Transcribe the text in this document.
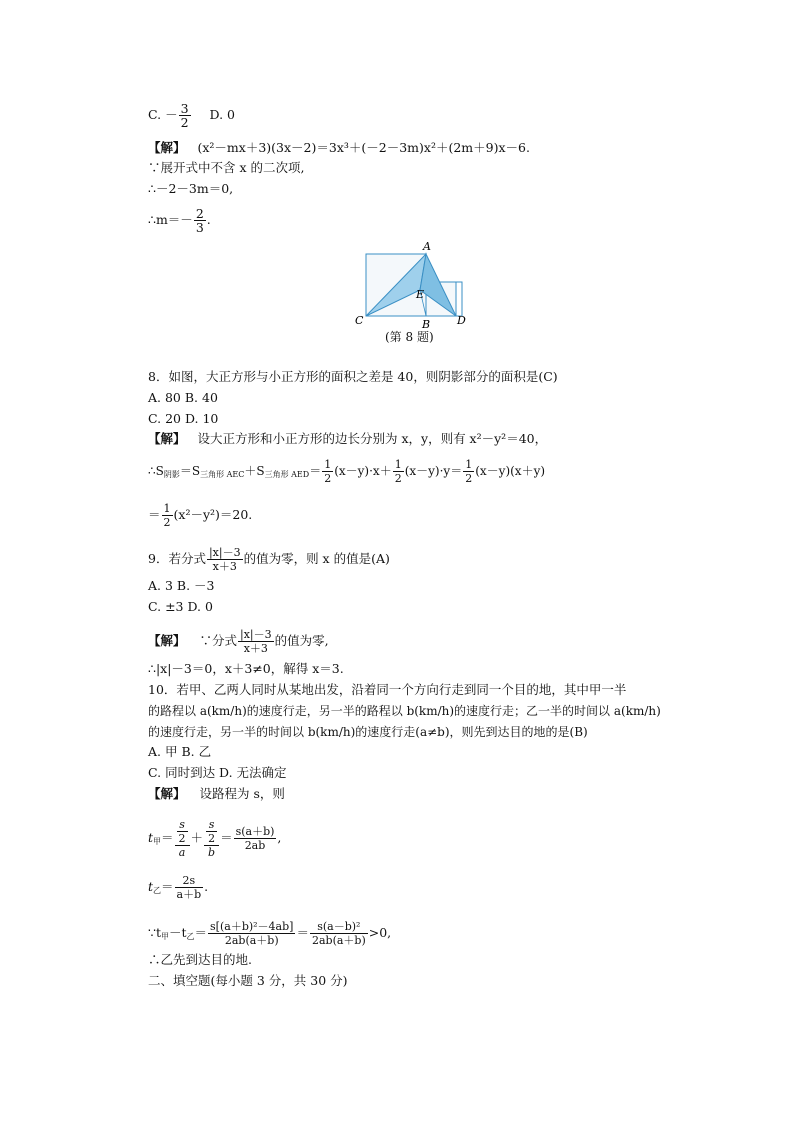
C. － $\frac{3}{2} D$. 0
【解】 (x²－mx＋3)(3x－2)＝3x³＋(－2－3m)x²＋(2m＋9)x－6.
∵展开式中不含 x 的二次项,
∴－2－3m＝0,
∴m＝－ $\frac{2}{3}$ .
A
C	B D
E
(第 8 题)
8．如图，大正方形与小正方形的面积之差是 40，则阴影部分的面积是(C)
A. 80 B. 40
C. 20 D. 10
【解】 设大正方形和小正方形的边长分别为 x，y，则有 x²－y²＝40，
$\therefore S_{阴影}=S_{三角形 AEC}+S_{三角形 AED}= \frac{1}{2} (x-y)\cdot x+ \frac{1}{2} (x-y)\cdot y= \frac{1}{2} (x-y)(x+y)$
＝ $\frac{1}{2} (x^2-y^2)=20$.
9．若分式 $\frac{|x|-3}{x+3}$ 的值为零，则 x 的值是(A)
A. 3 B. －3
C. ±3 D. 0
【解】 ∵分式 $\frac{|x|-3}{x+3}$ 的值为零,
∴|x|－3＝0，x＋3≠0，解得 x＝3.
10．若甲、乙两人同时从某地出发，沿着同一个方向行走到同一个目的地，其中甲一半
的路程以 a(km/h)的速度行走，另一半的路程以 b(km/h)的速度行走；乙一半的时间以 a(km/h)
的速度行走，另一半的时间以 b(km/h)的速度行走(a≠b)，则先到达目的地的是(B)
A. 甲 B. 乙
C. 同时到达 D. 无法确定
【解】 设路程为 s，则
$t_甲= \frac{\frac{s}{2}}{a} + \frac{\frac{s}{2}}{b} = \frac{s(a+b)}{2ab}$ ,
$t_乙= \frac{2s}{a+b}$ .
$\because t_甲-t_乙= \frac{\text{s[(a＋b)²－4ab]}}{2ab(a+b)} = \frac{\text{s(a－b)²}}{2ab(a+b)} >0$,
∴乙先到达目的地.
二、填空题(每小题 3 分，共 30 分)
